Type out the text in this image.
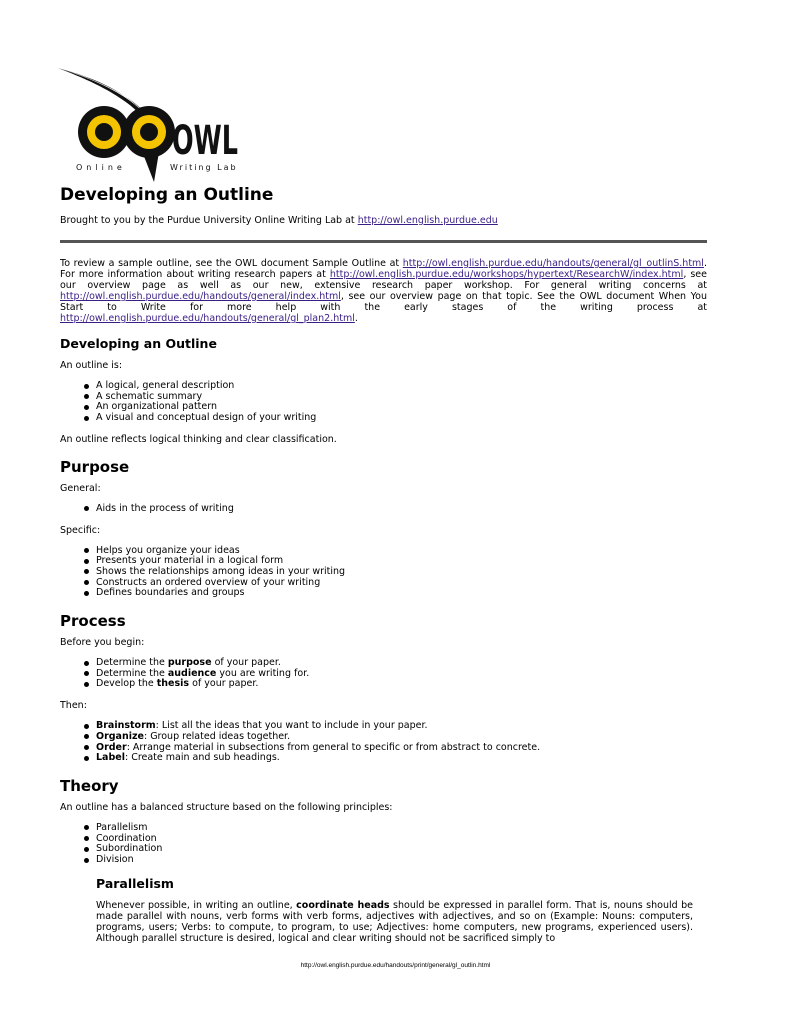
OWL
Online	Writing Lab
Developing an Outline
Brought to you by the Purdue University Online Writing Lab at http://owl.english.purdue.edu

To review a sample outline, see the OWL document Sample Outline at http://owl.english.purdue.edu/handouts/general/gl_outlinS.html. For more information about writing research papers at http://owl.english.purdue.edu/workshops/hypertext/ResearchW/index.html, see our overview page as well as our new, extensive research paper workshop. For general writing concerns at http://owl.english.purdue.edu/handouts/general/index.html, see our overview page on that topic. See the OWL document When You Start to Write for more help with the early stages of the writing process at http://owl.english.purdue.edu/handouts/general/gl_plan2.html.

Developing an Outline

An outline is:

A logical, general description
A schematic summary
An organizational pattern
A visual and conceptual design of your writing

An outline reflects logical thinking and clear classification.

Purpose

General:

Aids in the process of writing

Specific:

Helps you organize your ideas
Presents your material in a logical form
Shows the relationships among ideas in your writing
Constructs an ordered overview of your writing
Defines boundaries and groups
Process

Before you begin:

Determine the purpose of your paper.
Determine the audience you are writing for.
Develop the thesis of your paper.

Then:

Brainstorm: List all the ideas that you want to include in your paper.
Organize: Group related ideas together.
Order: Arrange material in subsections from general to specific or from abstract to concrete.
Label: Create main and sub headings.
Theory

An outline has a balanced structure based on the following principles:

Parallelism
Coordination
Subordination
Division
Parallelism

Whenever possible, in writing an outline, coordinate heads should be expressed in parallel form. That is, nouns should be made parallel with nouns, verb forms with verb forms, adjectives with adjectives, and so on (Example: Nouns: computers, programs, users; Verbs: to compute, to program, to use; Adjectives: home computers, new programs, experienced users). Although parallel structure is desired, logical and clear writing should not be sacrificed simply to

http://owl.english.purdue.edu/handouts/print/general/gl_outlin.html
